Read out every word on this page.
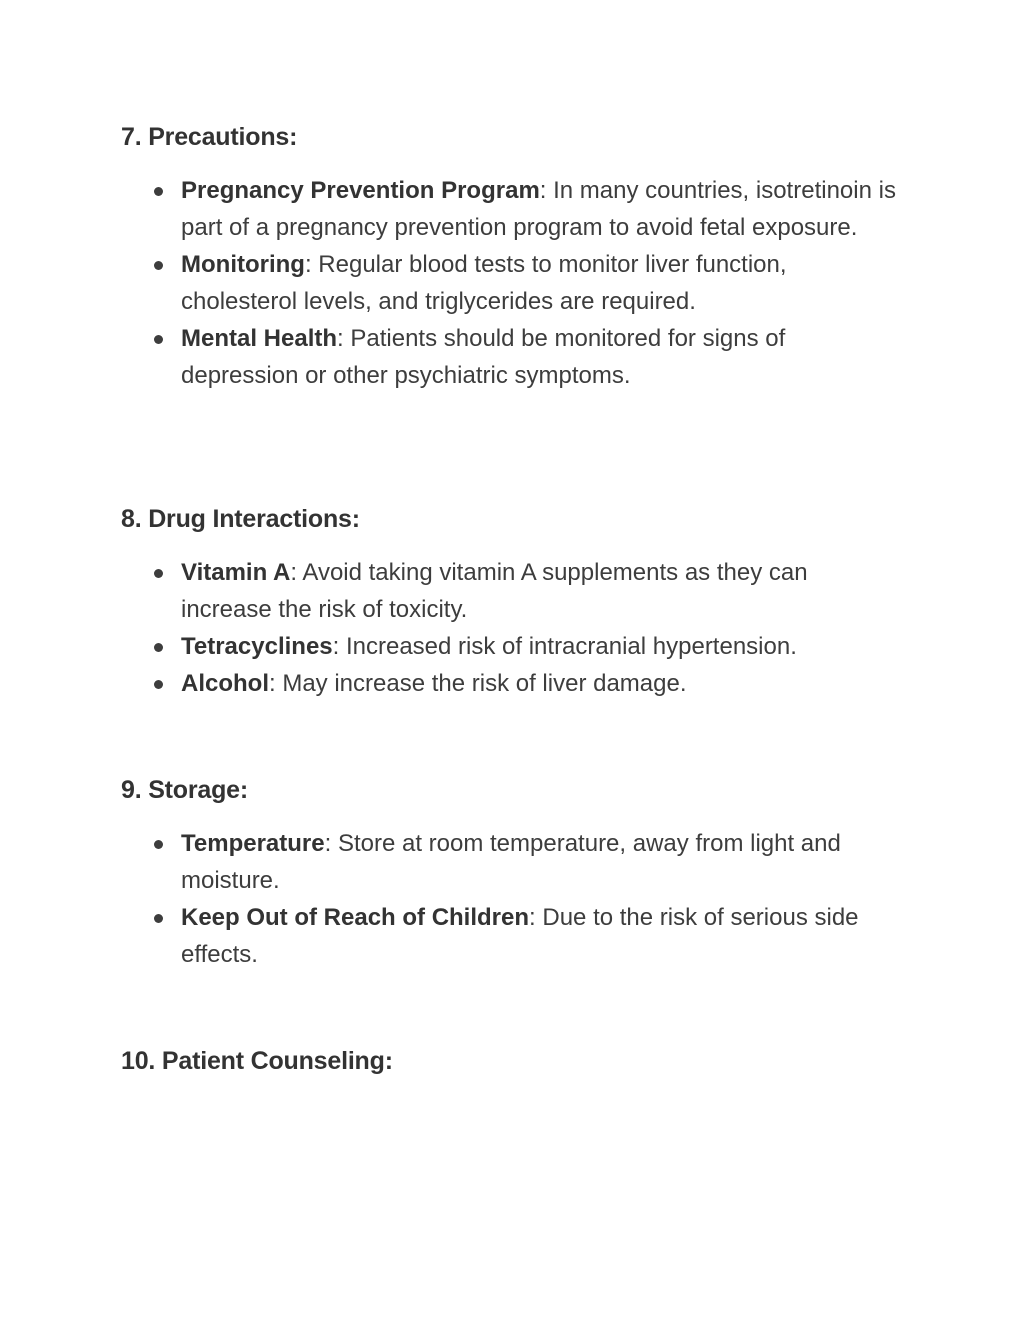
7. Precautions:
Pregnancy Prevention Program: In many countries, isotretinoin is part of a pregnancy prevention program to avoid fetal exposure.
Monitoring: Regular blood tests to monitor liver function, cholesterol levels, and triglycerides are required.
Mental Health: Patients should be monitored for signs of depression or other psychiatric symptoms.
8. Drug Interactions:
Vitamin A: Avoid taking vitamin A supplements as they can increase the risk of toxicity.
Tetracyclines: Increased risk of intracranial hypertension.
Alcohol: May increase the risk of liver damage.
9. Storage:
Temperature: Store at room temperature, away from light and moisture.
Keep Out of Reach of Children: Due to the risk of serious side effects.
10. Patient Counseling:
